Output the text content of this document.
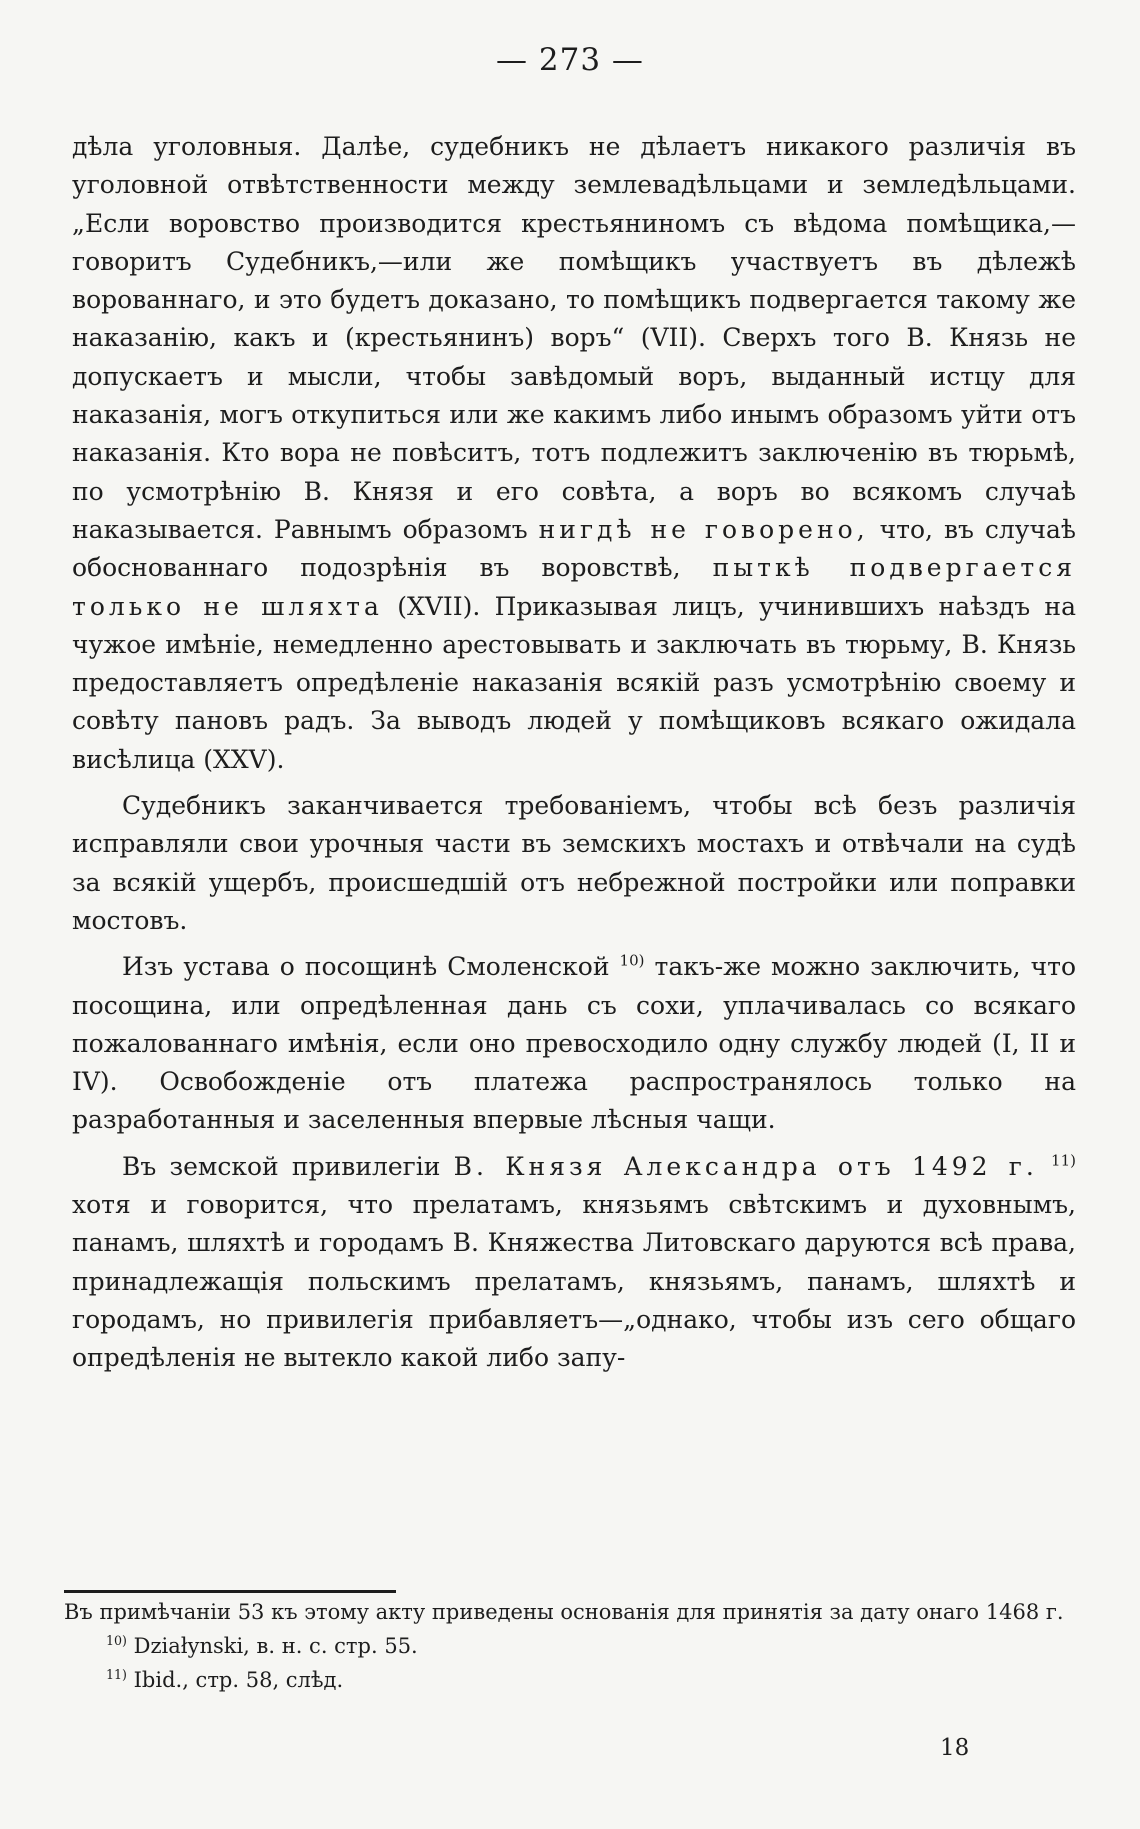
— 273 —

дѣла уголовныя. Далѣе, судебникъ не дѣлаетъ никакого различія въ уголовной отвѣтственности между землевадѣльцами и земледѣльцами. „Если воровство производится крестьяниномъ съ вѣдома помѣщика,—говоритъ Судебникъ,—или же помѣщикъ участвуетъ въ дѣлежѣ ворованнаго, и это будетъ доказано, то помѣщикъ подвергается такому же наказанію, какъ и (крестьянинъ) воръ“ (VII). Сверхъ того В. Князь не допускаетъ и мысли, чтобы завѣдомый воръ, выданный истцу для наказанія, могъ откупиться или же какимъ либо инымъ образомъ уйти отъ наказанія. Кто вора не повѣситъ, тотъ подлежитъ заключенію въ тюрьмѣ, по усмотрѣнію В. Князя и его совѣта, а воръ во всякомъ случаѣ наказывается. Равнымъ образомъ нигдѣ не говорено, что, въ случаѣ обоснованнаго подозрѣнія въ воровствѣ, пыткѣ подвергается только не шляхта (XVII). Приказывая лицъ, учинившихъ наѣздъ на чужое имѣніе, немедленно арестовывать и заключать въ тюрьму, В. Князь предоставляетъ опредѣленіе наказанія всякій разъ усмотрѣнію своему и совѣту пановъ радъ. За выводъ людей у помѣщиковъ всякаго ожидала висѣлица (XXV).

Судебникъ заканчивается требованіемъ, чтобы всѣ безъ различія исправляли свои урочныя части въ земскихъ мостахъ и отвѣчали на судѣ за всякій ущербъ, происшедшій отъ небрежной постройки или поправки мостовъ.

Изъ устава о посощинѣ Смоленской $^{10)}$ такъ-же можно заключить, что посощина, или опредѣленная дань съ сохи, уплачивалась со всякаго пожалованнаго имѣнія, если оно превосходило одну службу людей (I, II и IV). Освобожденіе отъ платежа распространялось только на разработанныя и заселенныя впервые лѣсныя чащи.

Въ земской привилегіи В. Князя Александра отъ 1492 г. $^{11)}$ хотя и говорится, что прелатамъ, князьямъ свѣтскимъ и духовнымъ, панамъ, шляхтѣ и городамъ В. Княжества Литовскаго даруются всѣ права, принадлежащія польскимъ прелатамъ, князьямъ, панамъ, шляхтѣ и городамъ, но привилегія прибавляетъ—„однако, чтобы изъ сего общаго опредѣленія не вытекло какой либо запу-

Въ примѣчаніи 53 къ этому акту приведены основанія для принятія за дату онаго 1468 г.

$^{10)}$ Działynski, в. н. с. стр. 55.

$^{11)}$ Ibid., стр. 58, слѣд.

18
